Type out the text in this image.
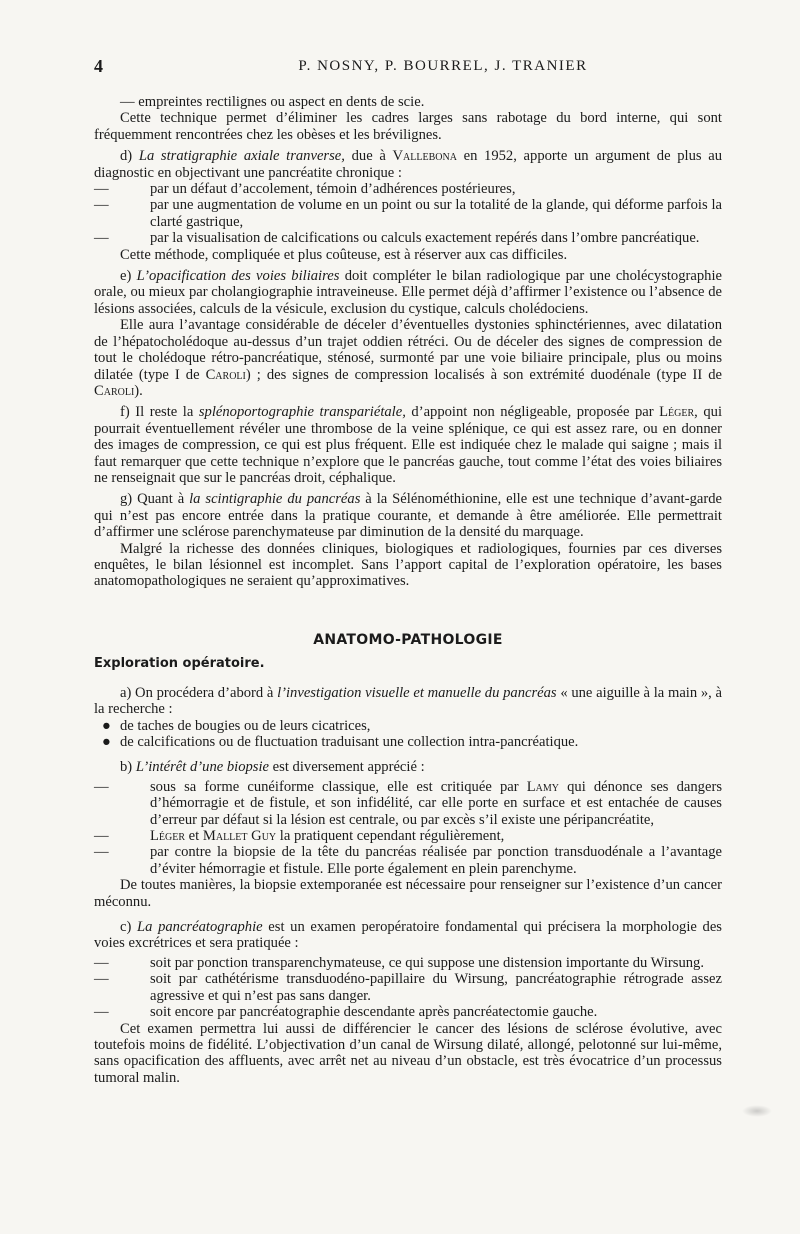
4	P. NOSNY, P. BOURREL, J. TRANIER

— empreintes rectilignes ou aspect en dents de scie.

Cette technique permet d’éliminer les cadres larges sans rabotage du bord interne, qui sont fréquemment rencontrées chez les obèses et les brévilignes.

d) La stratigraphie axiale tranverse, due à Vallebona en 1952, apporte un argument de plus au diagnostic en objectivant une pancréatite chronique :

—	par un défaut d’accolement, témoin d’adhérences postérieures,

—	par une augmentation de volume en un point ou sur la totalité de la glande, qui déforme parfois la clarté gastrique,

—	par la visualisation de calcifications ou calculs exactement repérés dans l’ombre pancréatique.

Cette méthode, compliquée et plus coûteuse, est à réserver aux cas difficiles.

e) L’opacification des voies biliaires doit compléter le bilan radiologique par une cholécystographie orale, ou mieux par cholangiographie intraveineuse. Elle permet déjà d’affirmer l’existence ou l’absence de lésions associées, calculs de la vésicule, exclusion du cystique, calculs cholédociens.

Elle aura l’avantage considérable de déceler d’éventuelles dystonies sphinctériennes, avec dilatation de l’hépatocholédoque au-dessus d’un trajet oddien rétréci. Ou de déceler des signes de compression de tout le cholédoque rétro-pancréatique, sténosé, surmonté par une voie biliaire principale, plus ou moins dilatée (type I de Caroli) ; des signes de compression localisés à son extrémité duodénale (type II de Caroli).

f) Il reste la splénoportographie transpariétale, d’appoint non négligeable, proposée par Léger, qui pourrait éventuellement révéler une thrombose de la veine splénique, ce qui est assez rare, ou en donner des images de compression, ce qui est plus fréquent. Elle est indiquée chez le malade qui saigne ; mais il faut remarquer que cette technique n’explore que le pancréas gauche, tout comme l’état des voies biliaires ne renseignait que sur le pancréas droit, céphalique.

g) Quant à la scintigraphie du pancréas à la Sélénométhionine, elle est une technique d’avant-garde qui n’est pas encore entrée dans la pratique courante, et demande à être améliorée. Elle permettrait d’affirmer une sclérose parenchymateuse par diminution de la densité du marquage.

Malgré la richesse des données cliniques, biologiques et radiologiques, fournies par ces diverses enquêtes, le bilan lésionnel est incomplet. Sans l’apport capital de l’exploration opératoire, les bases anatomopathologiques ne seraient qu’approximatives.

ANATOMO-PATHOLOGIE
Exploration opératoire.

a) On procédera d’abord à l’investigation visuelle et manuelle du pancréas « une aiguille à la main », à la recherche :

● de taches de bougies ou de leurs cicatrices,

● de calcifications ou de fluctuation traduisant une collection intra-pancréatique.

b) L’intérêt d’une biopsie est diversement apprécié :

—	sous sa forme cunéiforme classique, elle est critiquée par Lamy qui dénonce ses dangers d’hémorragie et de fistule, et son infidélité, car elle porte en surface et est entachée de causes d’erreur par défaut si la lésion est centrale, ou par excès s’il existe une péripancréatite,

—	Léger et Mallet Guy la pratiquent cependant régulièrement,

—	par contre la biopsie de la tête du pancréas réalisée par ponction transduodénale a l’avantage d’éviter hémorragie et fistule. Elle porte également en plein parenchyme.

De toutes manières, la biopsie extemporanée est nécessaire pour renseigner sur l’existence d’un cancer méconnu.

c) La pancréatographie est un examen peropératoire fondamental qui précisera la morphologie des voies excrétrices et sera pratiquée :

—	soit par ponction transparenchymateuse, ce qui suppose une distension importante du Wirsung.

—	soit par cathétérisme transduodéno-papillaire du Wirsung, pancréatographie rétrograde assez agressive et qui n’est pas sans danger.

—	soit encore par pancréatographie descendante après pancréatectomie gauche.

Cet examen permettra lui aussi de différencier le cancer des lésions de sclérose évolutive, avec toutefois moins de fidélité. L’objectivation d’un canal de Wirsung dilaté, allongé, pelotonné sur lui-même, sans opacification des affluents, avec arrêt net au niveau d’un obstacle, est très évocatrice d’un processus tumoral malin.
